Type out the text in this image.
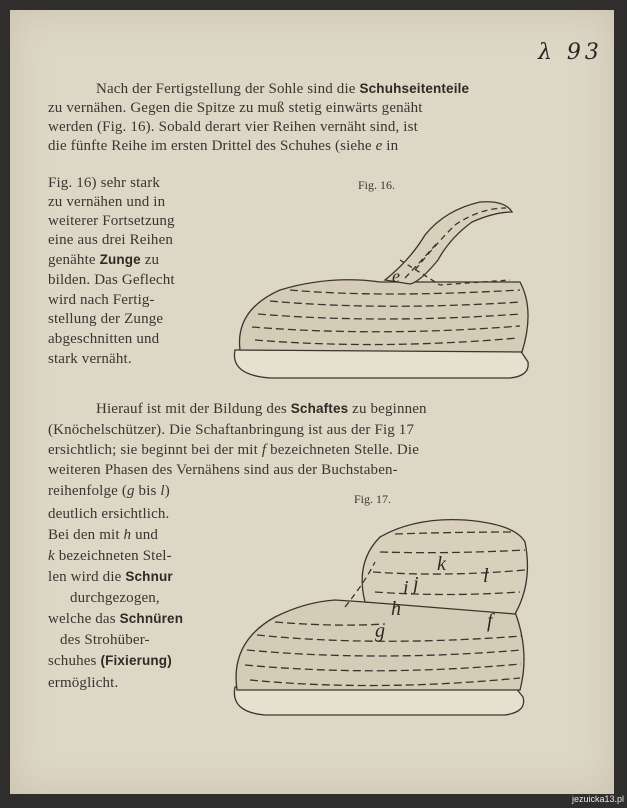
λ 93
Nach der Fertigstellung der Sohle sind die Schuhseitenteile
zu vernähen. Gegen die Spitze zu muß stetig einwärts genäht
werden (Fig. 16). Sobald derart vier Reihen vernäht sind, ist
die fünfte Reihe im ersten Drittel des Schuhes (siehe e in
Fig. 16) sehr stark
zu vernähen und in
weiterer Fortsetzung
eine aus drei Reihen
genähte Zunge zu
bilden. Das Geflecht
wird nach Fertig-
stellung der Zunge
abgeschnitten und
stark vernäht.
Fig. 16.
e
Hierauf ist mit der Bildung des Schaftes zu beginnen
(Knöchelschützer). Die Schaftanbringung ist aus der Fig 17
ersichtlich; sie beginnt bei der mit f bezeichneten Stelle. Die
weiteren Phasen des Vernähens sind aus der Buchstaben-
reihenfolge (g bis l)
deutlich ersichtlich.
Bei den mit h und
k bezeichneten Stel-
len wird die Schnur
durchgezogen,
welche das Schnüren
des Strohüber-
schuhes (Fixierung)
ermöglicht.
Fig. 17.
g
h
i j
k
l
f
jezuicka13.pl
